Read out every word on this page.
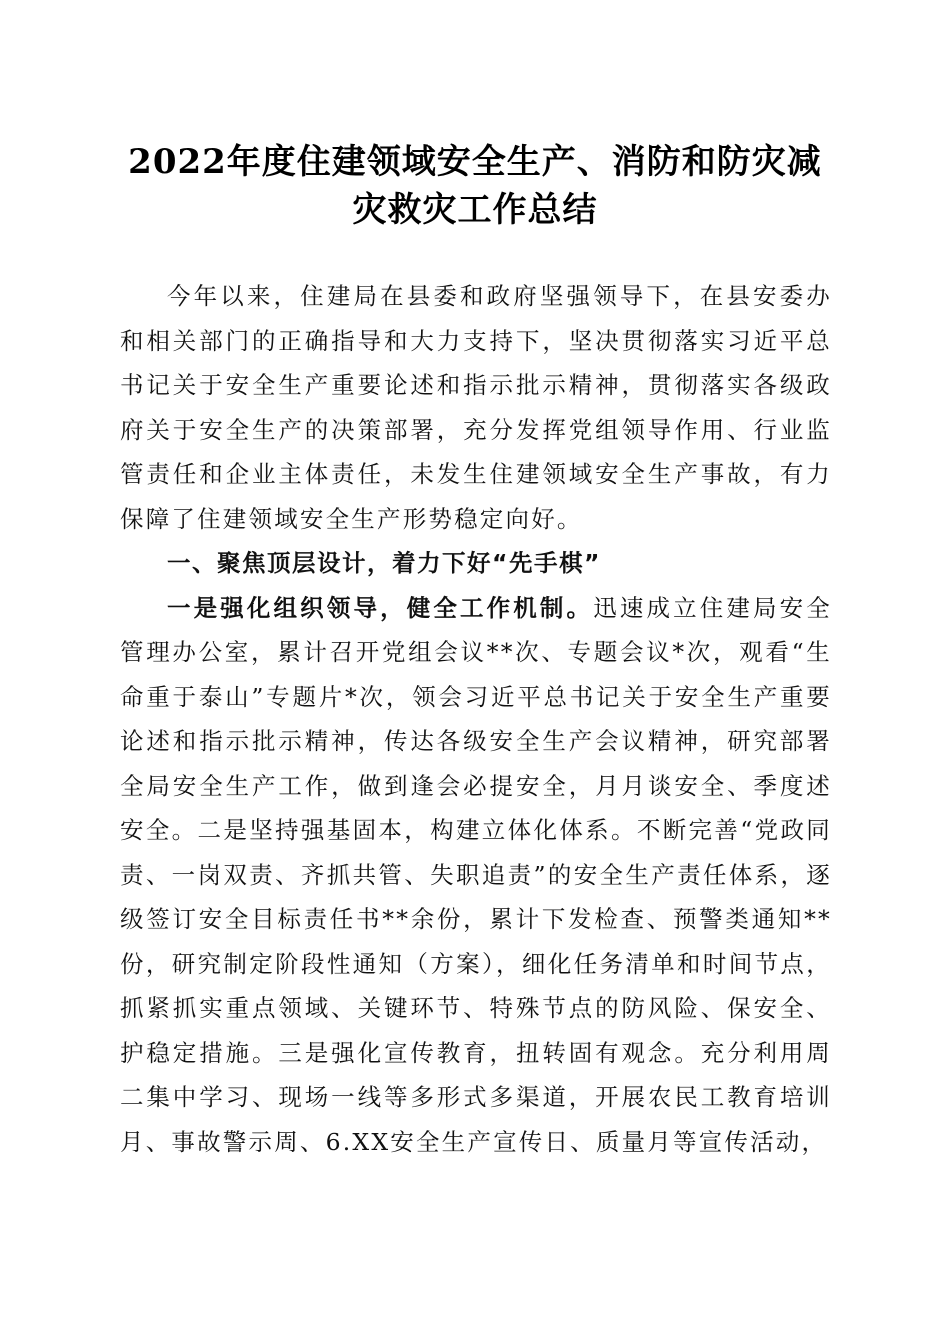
2022年度住建领域安全生产、消防和防灾减
灾救灾工作总结

今年以来，住建局在县委和政府坚强领导下，在县安委办和相关部门的正确指导和大力支持下，坚决贯彻落实习近平总书记关于安全生产重要论述和指示批示精神，贯彻落实各级政府关于安全生产的决策部署，充分发挥党组领导作用、行业监管责任和企业主体责任，未发生住建领域安全生产事故，有力保障了住建领域安全生产形势稳定向好。

一、聚焦顶层设计，着力下好“先手棋”

一是强化组织领导，健全工作机制。迅速成立住建局安全管理办公室，累计召开党组会议**次、专题会议*次，观看“生命重于泰山”专题片*次，领会习近平总书记关于安全生产重要论述和指示批示精神，传达各级安全生产会议精神，研究部署全局安全生产工作，做到逢会必提安全，月月谈安全、季度述安全。二是坚持强基固本，构建立体化体系。不断完善“党政同责、一岗双责、齐抓共管、失职追责”的安全生产责任体系，逐级签订安全目标责任书**余份，累计下发检查、预警类通知**份，研究制定阶段性通知（方案），细化任务清单和时间节点，抓紧抓实重点领域、关键环节、特殊节点的防风险、保安全、护稳定措施。三是强化宣传教育，扭转固有观念。充分利用周二集中学习、现场一线等多形式多渠道，开展农民工教育培训月、事故警示周、6.XX安全生产宣传日、质量月等宣传活动，
